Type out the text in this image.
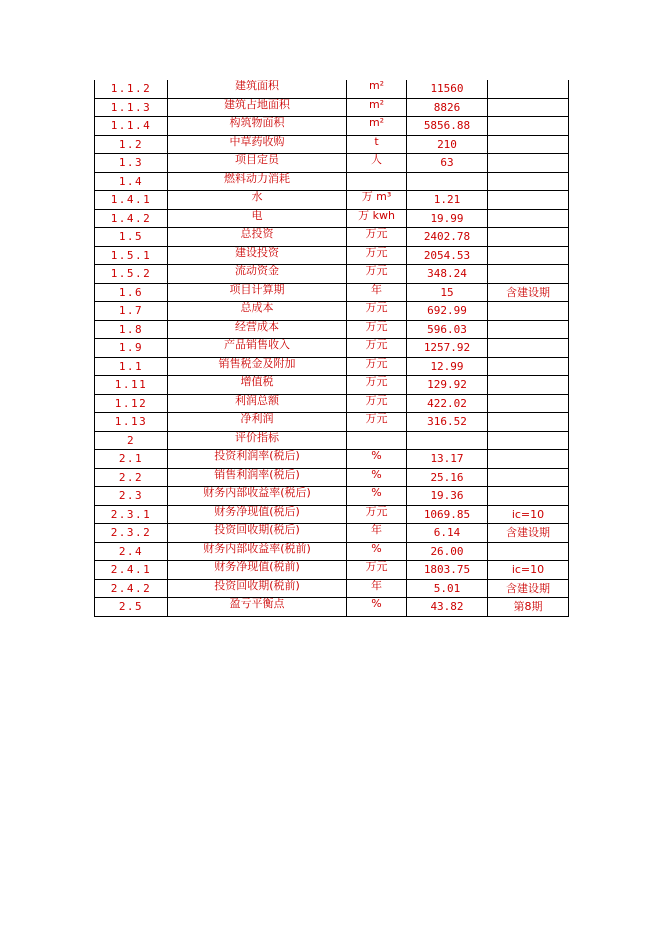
1.1.2	建筑面积	m²	11560	
1.1.3	建筑占地面积	m²	8826	
1.1.4	构筑物面积	m²	5856.88	
1.2	中草药收购	t	210	
1.3	项目定员	人	63	
1.4	燃料动力消耗			
1.4.1	水	万 m³	1.21	
1.4.2	电	万 kwh	19.99	
1.5	总投资	万元	2402.78	
1.5.1	建设投资	万元	2054.53	
1.5.2	流动资金	万元	348.24	
1.6	项目计算期	年	15	含建设期
1.7	总成本	万元	692.99	
1.8	经营成本	万元	596.03	
1.9	产品销售收入	万元	1257.92	
1.1	销售税金及附加	万元	12.99	
1.11	增值税	万元	129.92	
1.12	利润总额	万元	422.02	
1.13	净利润	万元	316.52	
2	评价指标			
2.1	投资利润率(税后)	%	13.17	
2.2	销售利润率(税后)	%	25.16	
2.3	财务内部收益率(税后)	%	19.36	
2.3.1	财务净现值(税后)	万元	1069.85	ic=10
2.3.2	投资回收期(税后)	年	6.14	含建设期
2.4	财务内部收益率(税前)	%	26.00	
2.4.1	财务净现值(税前)	万元	1803.75	ic=10
2.4.2	投资回收期(税前)	年	5.01	含建设期
2.5	盈亏平衡点	%	43.82	第8期
